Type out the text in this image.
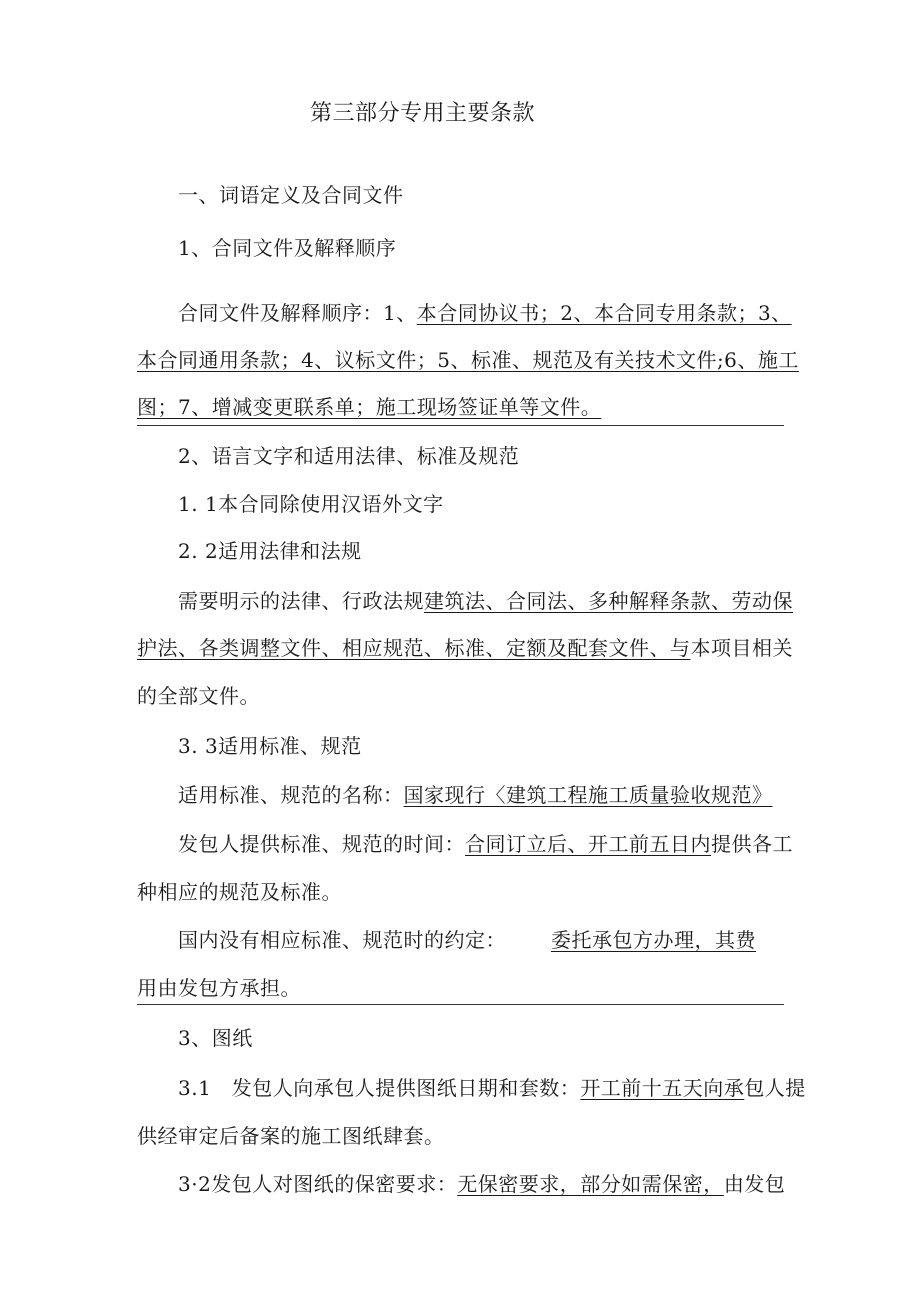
第三部分专用主要条款
一、词语定义及合同文件
1、合同文件及解释顺序
合同文件及解释顺序：1、本合同协议书；2、本合同专用条款；3、
本合同通用条款；4、议标文件；5、标准、规范及有关技术文件;6、施工
图；7、增减变更联系单；施工现场签证单等文件。
2、语言文字和适用法律、标准及规范
1. 1本合同除使用汉语外文字
2. 2适用法律和法规
需要明示的法律、行政法规建筑法、合同法、多种解释条款、劳动保
护法、各类调整文件、相应规范、标准、定额及配套文件、与本项目相关
的全部文件。
3. 3适用标准、规范
适用标准、规范的名称：国家现行〈建筑工程施工质量验收规范》
发包人提供标准、规范的时间：合同订立后、开工前五日内提供各工
种相应的规范及标准。
国内没有相应标准、规范时的约定： 委托承包方办理，其费
用由发包方承担。
3、图纸
3.1　发包人向承包人提供图纸日期和套数：开工前十五天向承包人提
供经审定后备案的施工图纸肆套。
3·2发包人对图纸的保密要求：无保密要求，部分如需保密，由发包
